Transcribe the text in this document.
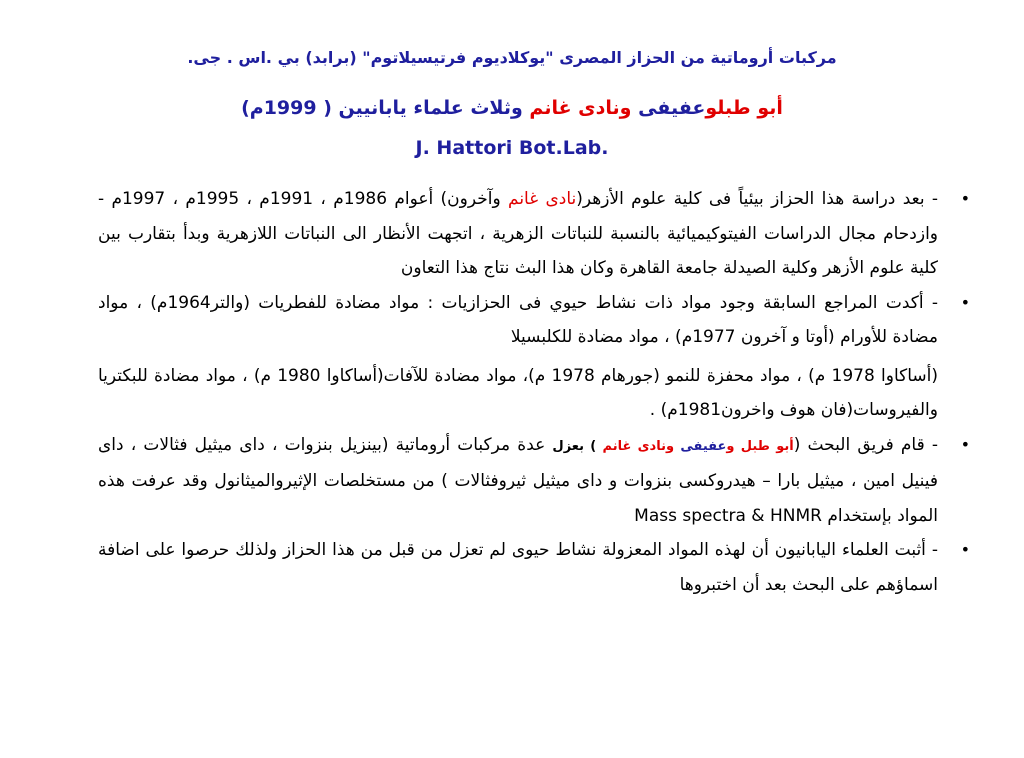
مركبات أروماتية من الحزاز المصرى "يوكلاديوم فرتيسيلاتوم" (برابد) بي .اس . جى.
أبو طبلوعفيفى ونادى غانم وثلاث علماء يابانيين ( 1999م)
J. Hattori Bot.Lab.
•
- بعد دراسة هذا الحزاز بيئياً فى كلية علوم الأزهر(نادى غانم وآخرون) أعوام 1986م ، 1991م ، 1995م ، 1997م - وازدحام مجال الدراسات الفيتوكيميائية بالنسبة للنباتات الزهرية ، اتجهت الأنظار الى النباتات اللازهرية وبدأ بتقارب بين كلية علوم الأزهر وكلية الصيدلة جامعة القاهرة وكان هذا البث نتاج هذا التعاون
•
- أكدت المراجع السابقة وجود مواد ذات نشاط حيوي فى الحزازيات : مواد مضادة للفطريات (والتر1964م) ، مواد مضادة للأورام (أوتا و آخرون 1977م) ، مواد مضادة للكلبسيلا
(أساكاوا 1978 م) ، مواد محفزة للنمو (جورهام 1978 م)، مواد مضادة للآفات(أساكاوا 1980 م) ، مواد مضادة للبكتريا والفيروسات(فان هوف واخرون1981م) .
•
- قام فريق البحث (أبو طبل وعفيفى ونادى غانم ) بعزل عدة مركبات أروماتية (بينزيل بنزوات ، داى ميثيل فثالات ، داى فينيل امين ، ميثيل بارا – هيدروكسى بنزوات و داى ميثيل ثيروفثالات ) من مستخلصات الإثيروالميثانول وقد عرفت هذه المواد بإستخدام Mass spectra & HNMR
•
- أثبت العلماء اليابانيون أن لهذه المواد المعزولة نشاط حيوى لم تعزل من قبل من هذا الحزاز ولذلك حرصوا على اضافة اسماؤهم على البحث بعد أن اختبروها
